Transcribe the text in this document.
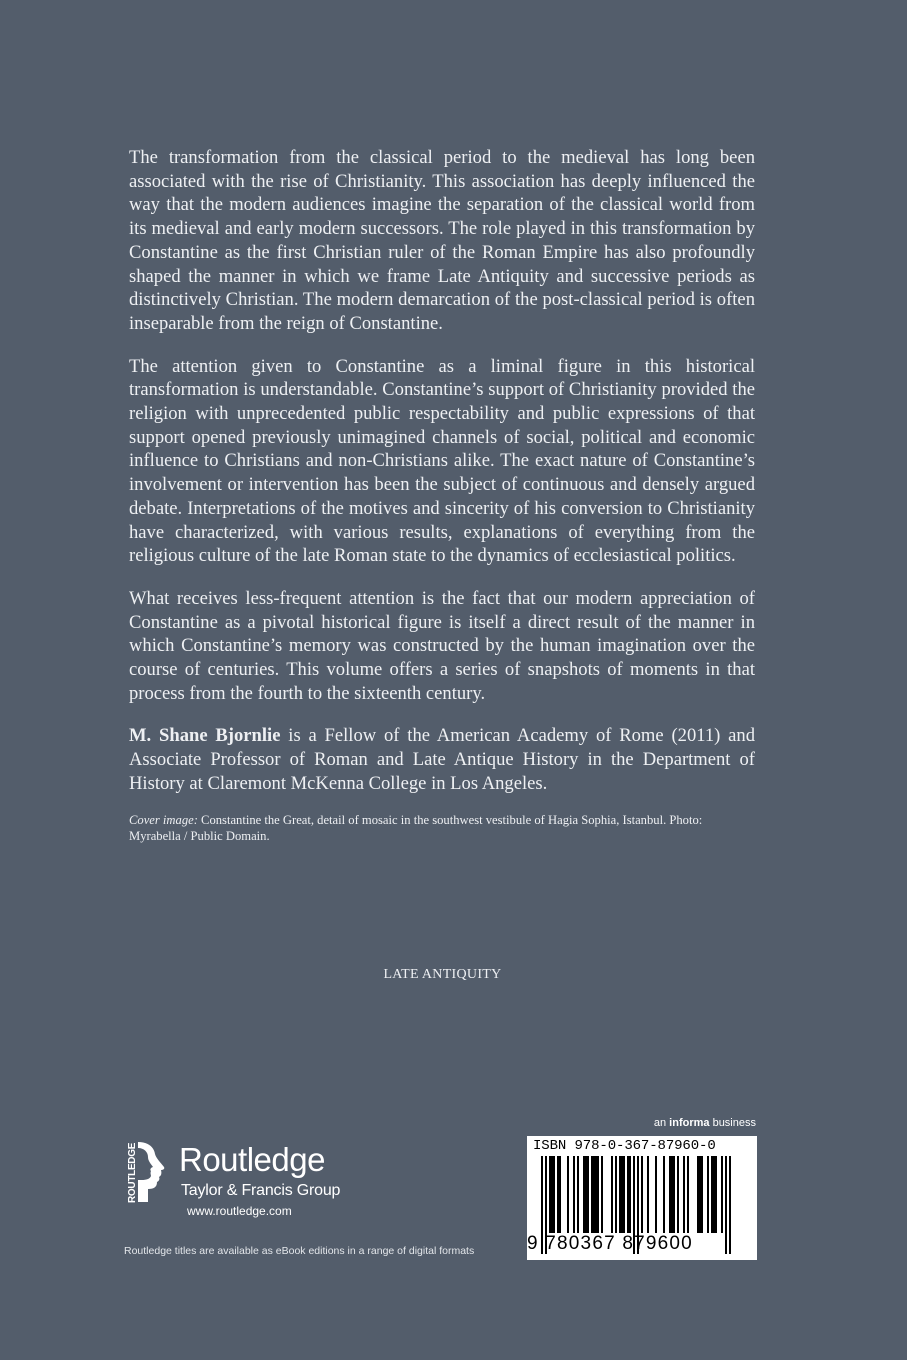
The transformation from the classical period to the medieval has long been associated with the rise of Christianity. This association has deeply influenced the way that the modern audiences imagine the separation of the classical world from its medieval and early modern successors. The role played in this transformation by Constantine as the first Christian ruler of the Roman Empire has also profoundly shaped the manner in which we frame Late Antiquity and successive periods as distinctively Christian. The modern demarcation of the post-classical period is often inseparable from the reign of Constantine.

The attention given to Constantine as a liminal figure in this historical transformation is understandable. Constantine’s support of Christianity provided the religion with unprecedented public respectability and public expressions of that support opened previously unimagined channels of social, political and economic influence to Christians and non-Christians alike. The exact nature of Constantine’s involvement or intervention has been the subject of continuous and densely argued debate. Interpretations of the motives and sincerity of his conversion to Christianity have characterized, with various results, explanations of everything from the religious culture of the late Roman state to the dynamics of ecclesiastical politics.

What receives less-frequent attention is the fact that our modern appreciation of Constantine as a pivotal historical figure is itself a direct result of the manner in which Constantine’s memory was constructed by the human imagination over the course of centuries. This volume offers a series of snapshots of moments in that process from the fourth to the sixteenth century.

M. Shane Bjornlie is a Fellow of the American Academy of Rome (2011) and Associate Professor of Roman and Late Antique History in the Department of History at Claremont McKenna College in Los Angeles.

Cover image: Constantine the Great, detail of mosaic in the southwest vestibule of Hagia Sophia, Istanbul. Photo: Myrabella / Public Domain.

LATE ANTIQUITY
an informa business
ROUTLEDGE Routledge
Taylor & Francis Group
www.routledge.com
Routledge titles are available as eBook editions in a range of digital formats
ISBN 978-0-367-87960-0
9 780367 879600
